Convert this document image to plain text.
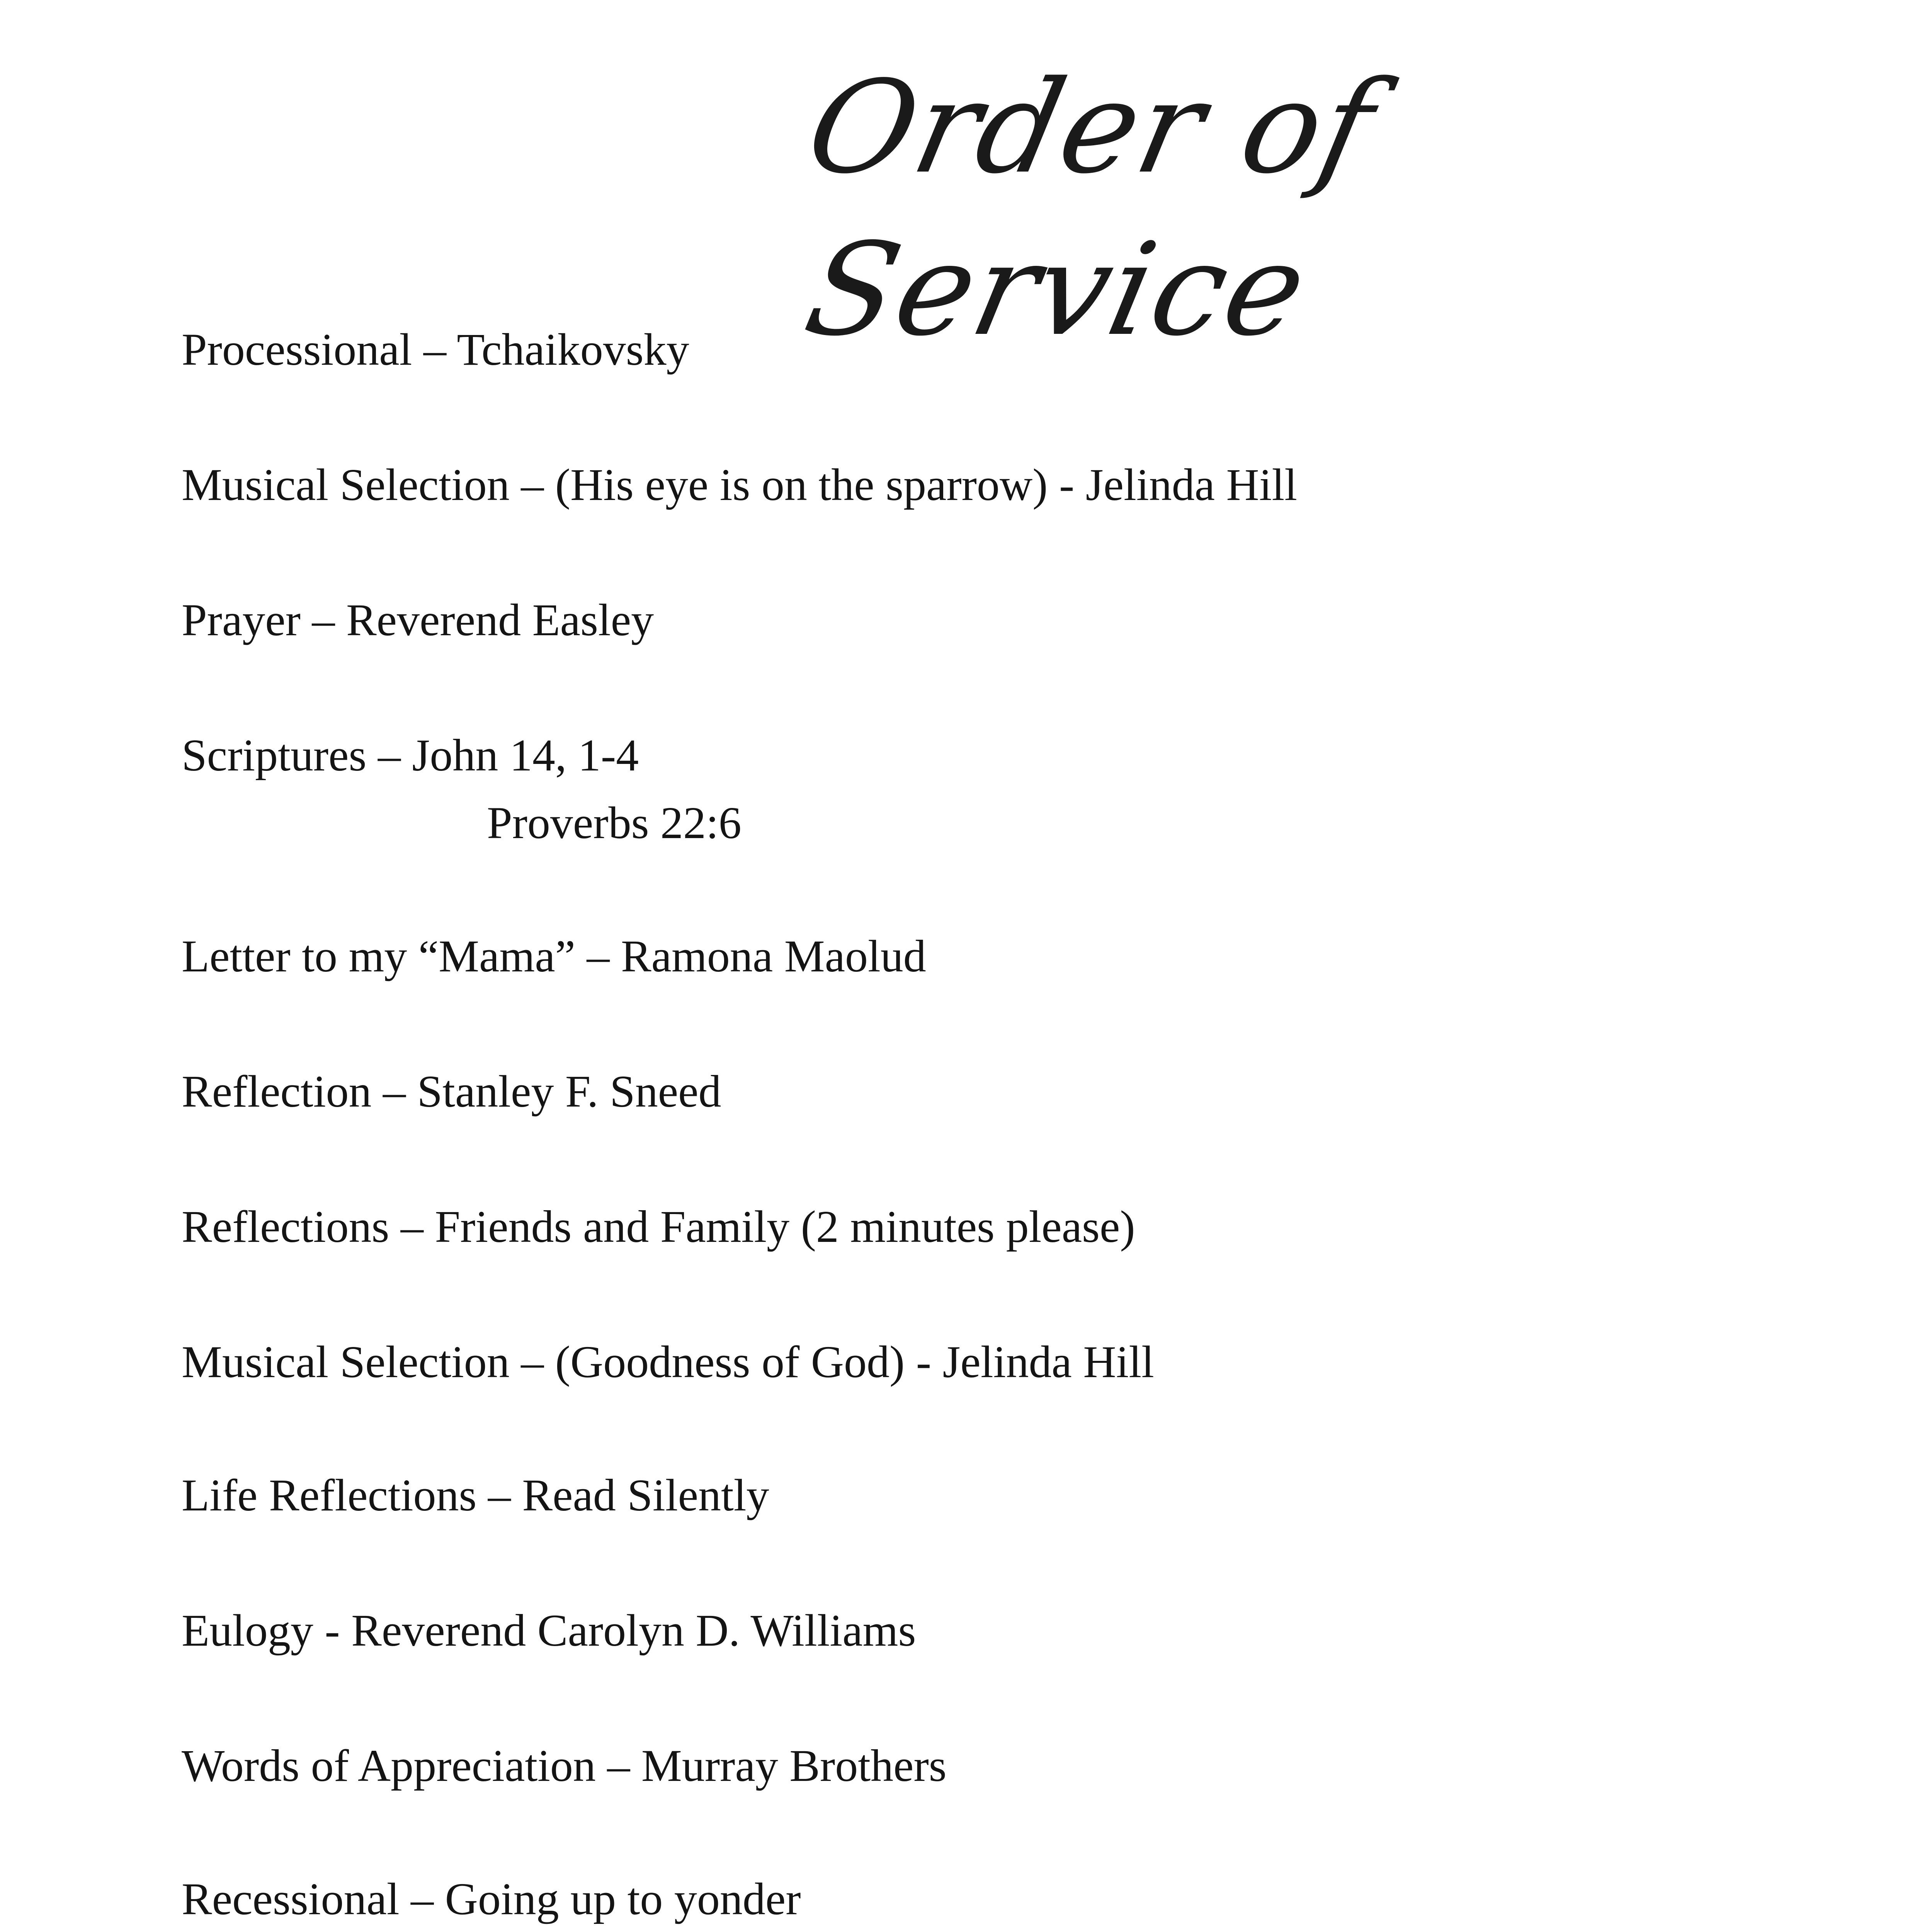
Order of Service
Processional – Tchaikovsky
Musical Selection – (His eye is on the sparrow) - Jelinda Hill
Prayer – Reverend Easley
Scriptures – John 14, 1-4
Proverbs 22:6
Letter to my “Mama” – Ramona Maolud
Reflection – Stanley F. Sneed
Reflections – Friends and Family (2 minutes please)
Musical Selection – (Goodness of God) - Jelinda Hill
Life Reflections – Read Silently
Eulogy - Reverend Carolyn D. Williams
Words of Appreciation – Murray Brothers
Recessional – Going up to yonder
